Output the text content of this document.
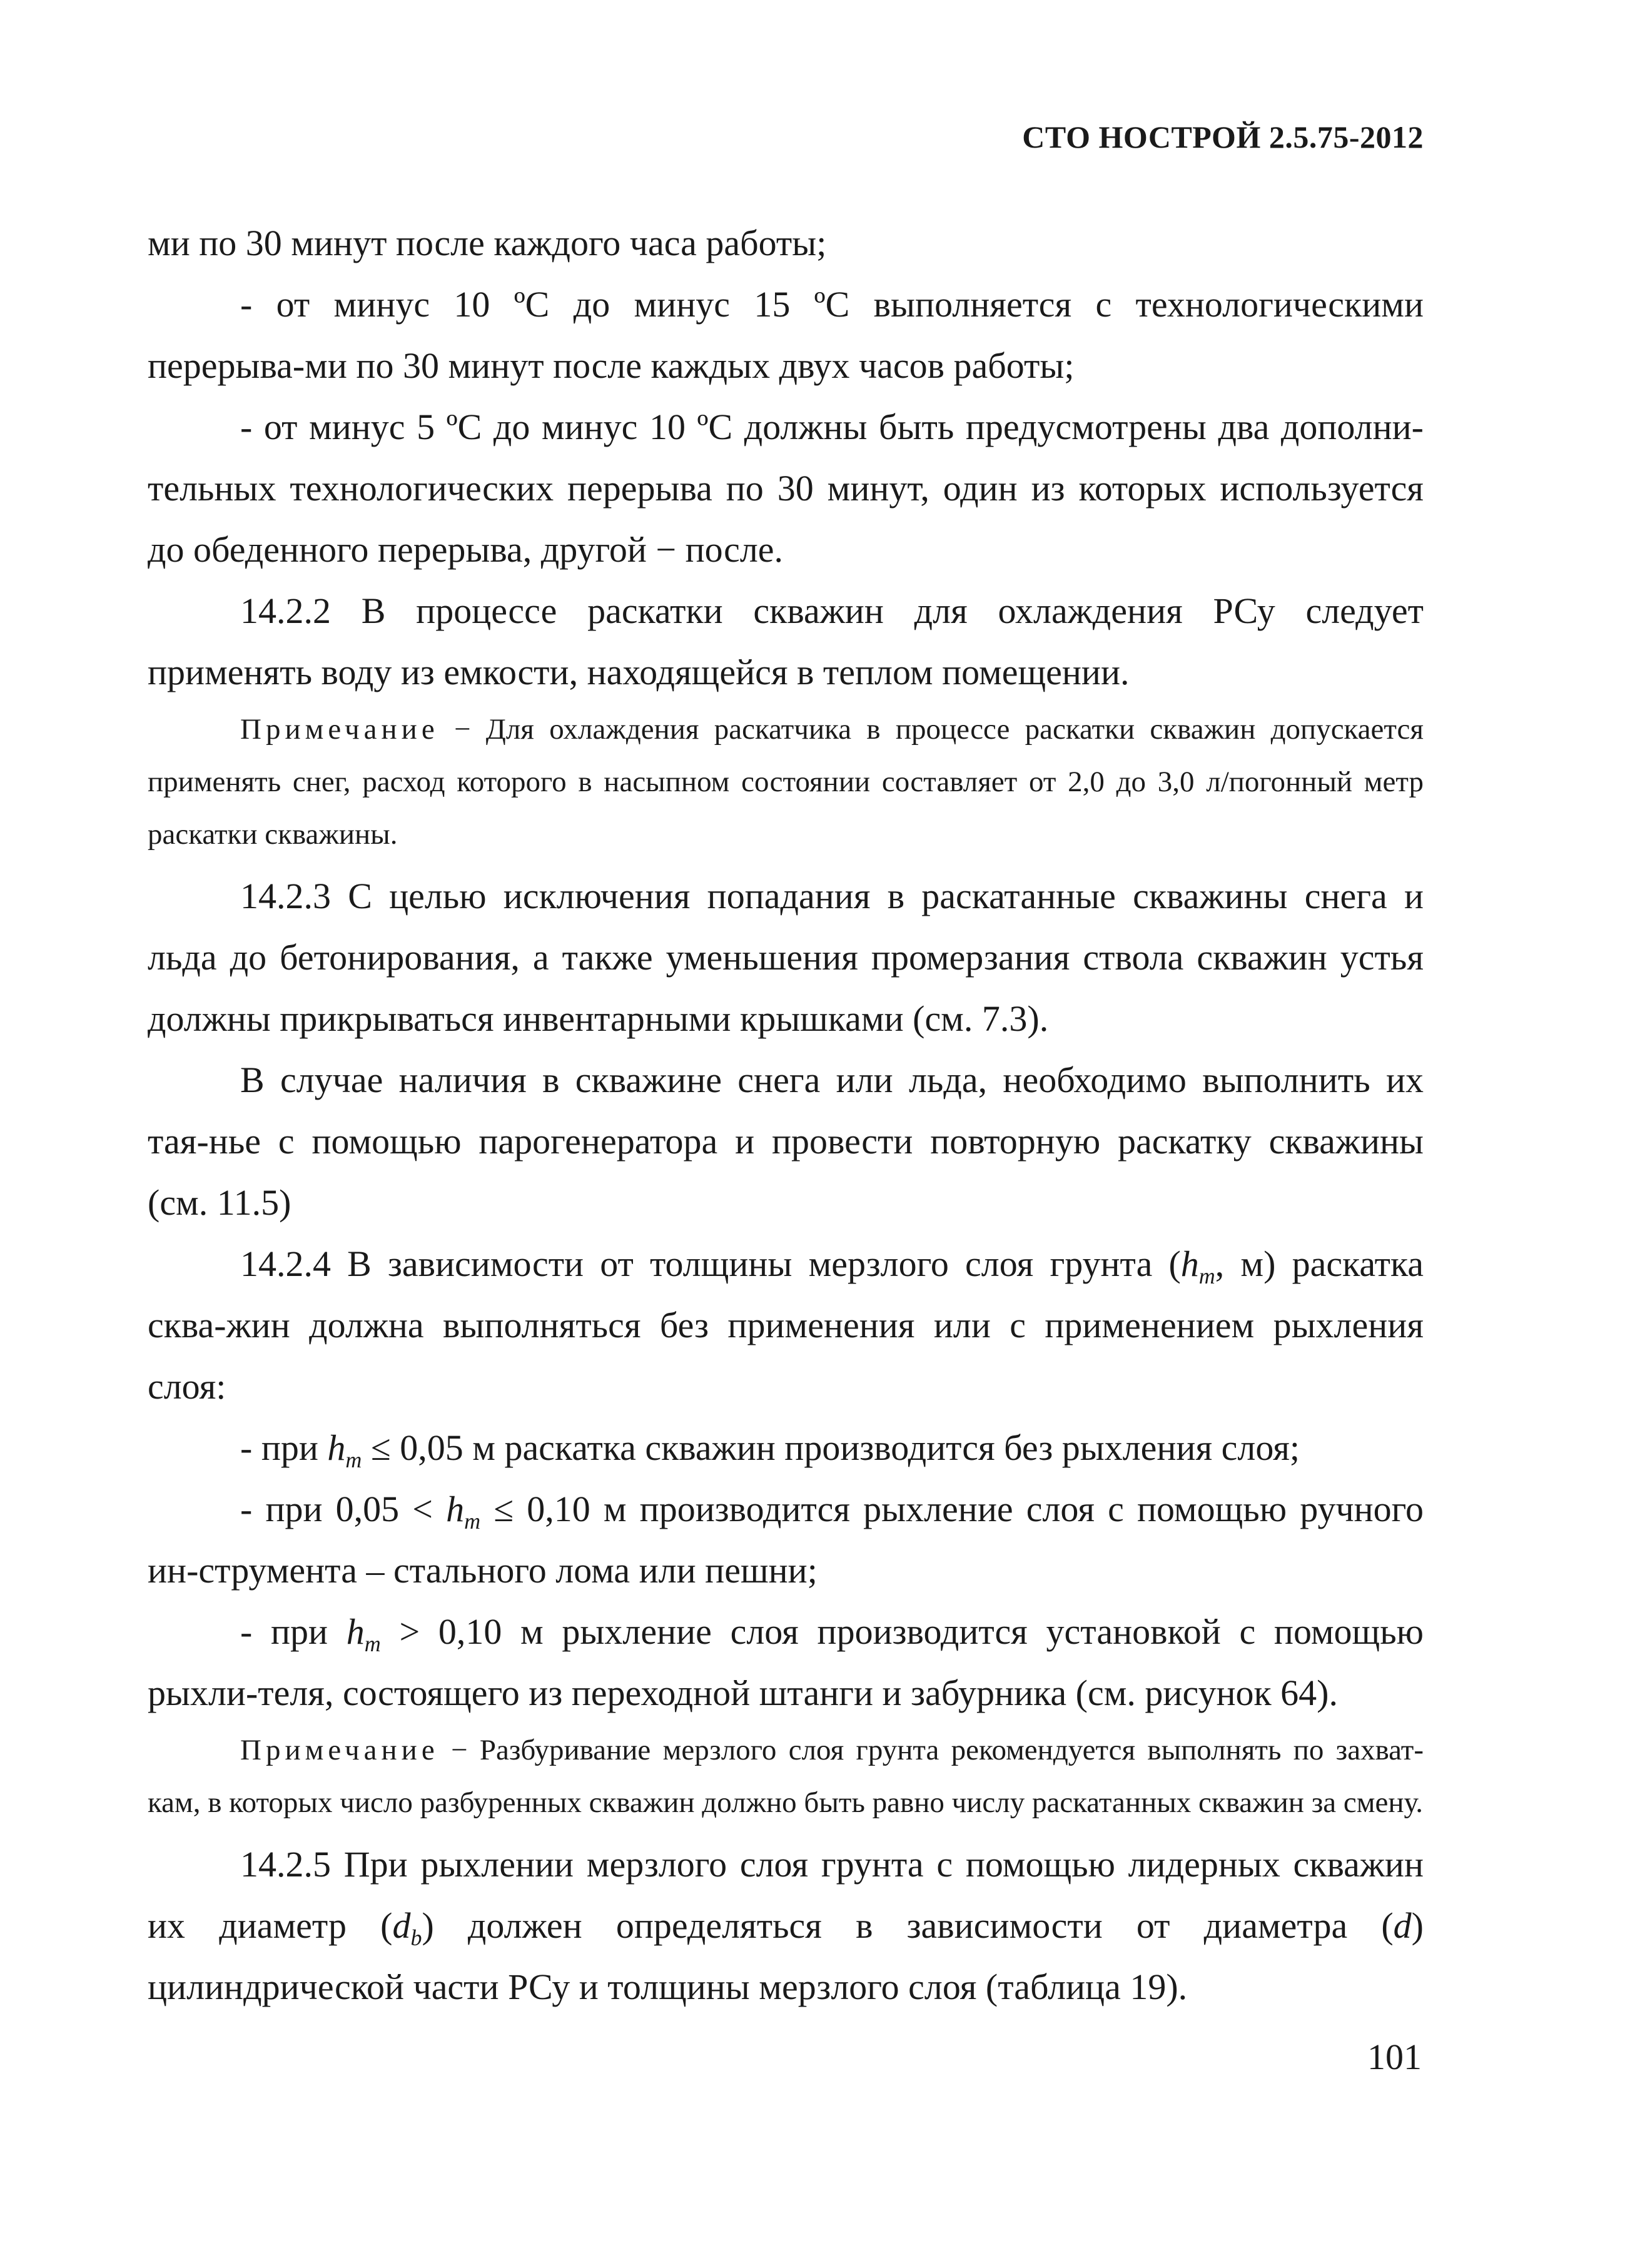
СТО НОСТРОЙ 2.5.75-2012

ми по 30 минут после каждого часа работы;

- от минус 10 ºС до минус 15 ºС выполняется с технологическими перерыва-ми по 30 минут после каждых двух часов работы;

- от минус 5 ºС до минус 10 ºС должны быть предусмотрены два дополни-тельных технологических перерыва по 30 минут, один из которых используется до обеденного перерыва, другой − после.

14.2.2 В процессе раскатки скважин для охлаждения РСу следует применять воду из емкости, находящейся в теплом помещении.

Примечание − Для охлаждения раскатчика в процессе раскатки скважин допускается применять снег, расход которого в насыпном состоянии составляет от 2,0 до 3,0 л/погонный метр раскатки скважины.

14.2.3 С целью исключения попадания в раскатанные скважины снега и льда до бетонирования, а также уменьшения промерзания ствола скважин устья должны прикрываться инвентарными крышками (см. 7.3).

В случае наличия в скважине снега или льда, необходимо выполнить их тая-нье с помощью парогенератора и провести повторную раскатку скважины (см. 11.5)

14.2.4 В зависимости от толщины мерзлого слоя грунта ($h_m$, м) раскатка сква-жин должна выполняться без применения или с применением рыхления слоя:

- при $h_m \le 0,05$ м раскатка скважин производится без рыхления слоя;

- при $0,05 < h_m \le 0,10$ м производится рыхление слоя с помощью ручного ин-струмента – стального лома или пешни;

- при $h_m > 0,10$ м рыхление слоя производится установкой с помощью рыхли-теля, состоящего из переходной штанги и забурника (см. рисунок 64).

Примечание − Разбуривание мерзлого слоя грунта рекомендуется выполнять по захват-кам, в которых число разбуренных скважин должно быть равно числу раскатанных скважин за смену.

14.2.5 При рыхлении мерзлого слоя грунта с помощью лидерных скважин их диаметр $(d_b)$ должен определяться в зависимости от диаметра (d) цилиндрической части РСу и толщины мерзлого слоя (таблица 19).

101
